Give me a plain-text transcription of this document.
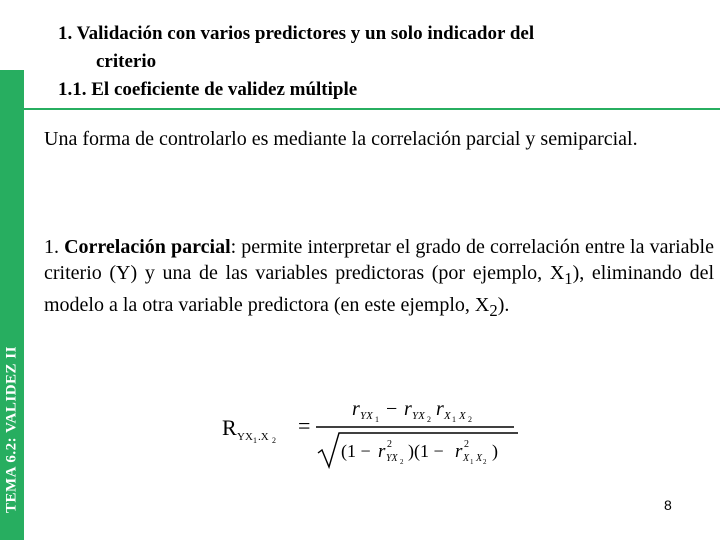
TEMA 6.2: VALIDEZ II
1. Validación con varios predictores y un solo indicador del
criterio
1.1. El coeficiente de validez múltiple
Una forma de controlarlo es mediante la correlación parcial y semiparcial.
1. Correlación parcial: permite interpretar el grado de correlación entre la variable criterio (Y) y una de las variables predictoras (por ejemplo, $X_1$), eliminando del modelo a la otra variable predictora (en este ejemplo, $X_2$).
R YX 1 .X 2
=
r YX 1 − r YX 2 r X 1 X 2
(1 − r 2
YX 2
)(1 − r 2
X 1 X 2
)
8
